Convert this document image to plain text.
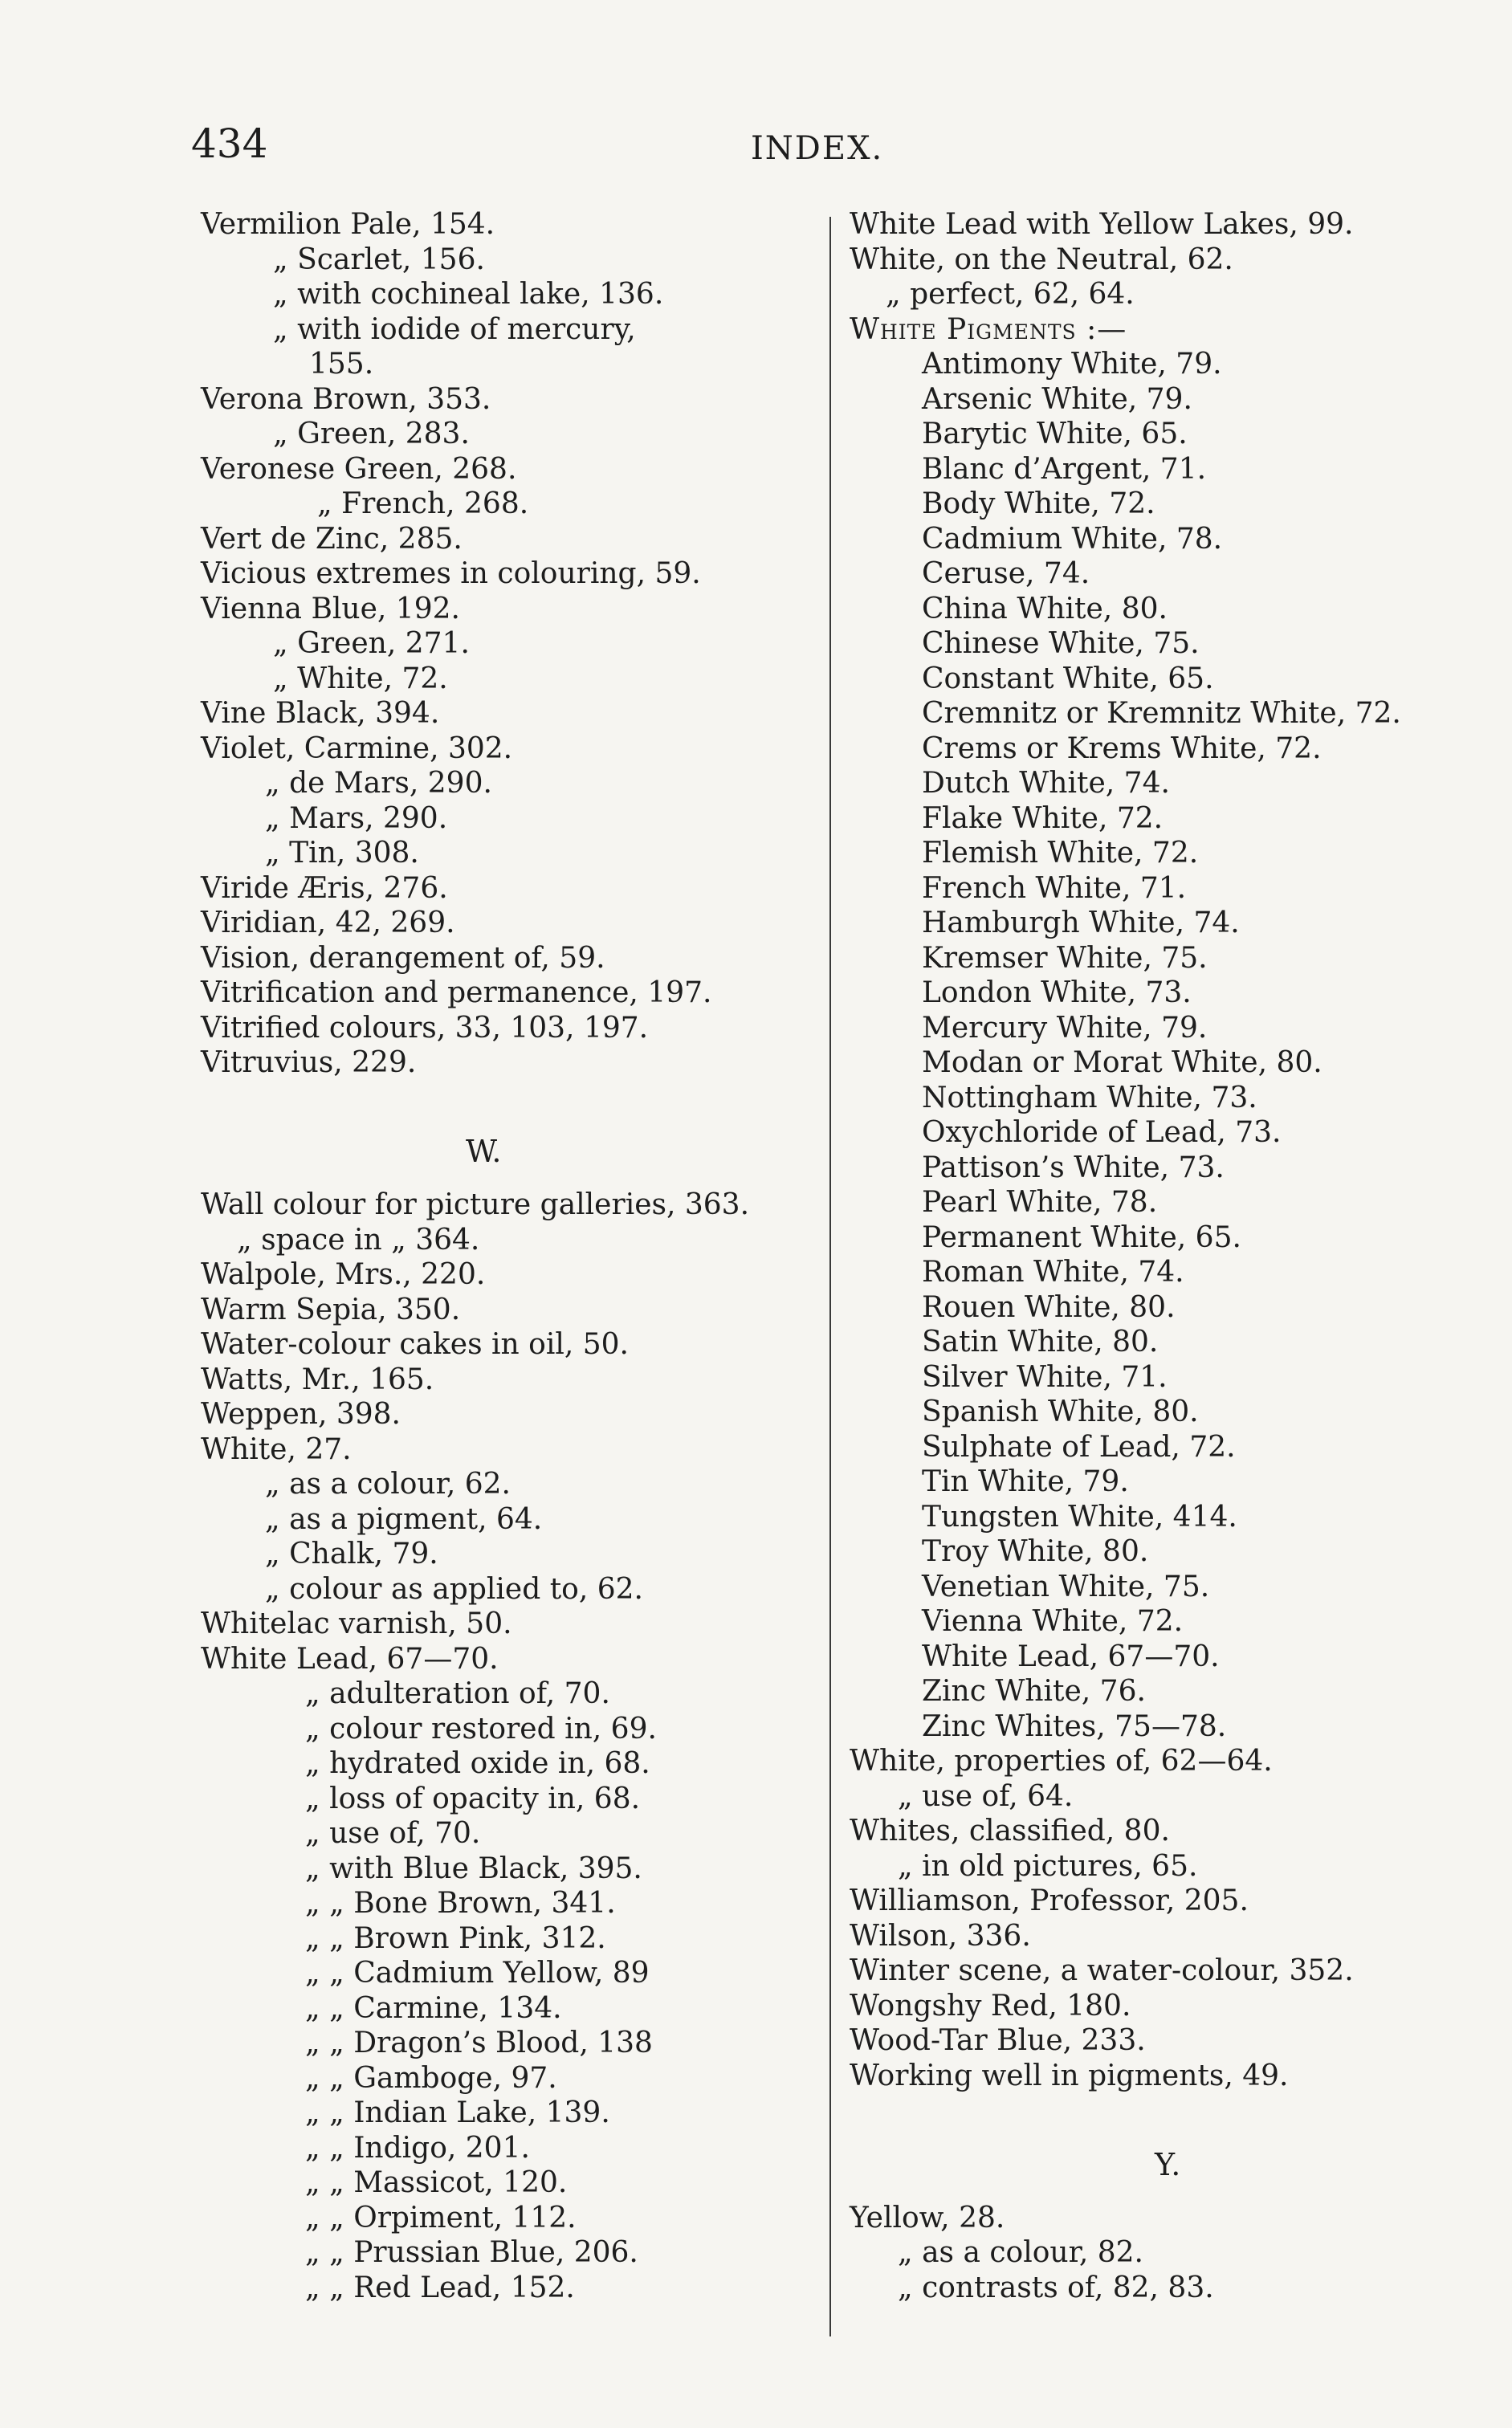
434	INDEX.
Vermilion Pale, 154.
„ Scarlet, 156.
„ with cochineal lake, 136.
„ with iodide of mercury,
155.
Verona Brown, 353.
„ Green, 283.
Veronese Green, 268.
„ French, 268.
Vert de Zinc, 285.
Vicious extremes in colouring, 59.
Vienna Blue, 192.
„ Green, 271.
„ White, 72.
Vine Black, 394.
Violet, Carmine, 302.
„ de Mars, 290.
„ Mars, 290.
„ Tin, 308.
Viride Æris, 276.
Viridian, 42, 269.
Vision, derangement of, 59.
Vitrification and permanence, 197.
Vitrified colours, 33, 103, 197.
Vitruvius, 229.
W.
Wall colour for picture galleries, 363.
„ space in „ 364.
Walpole, Mrs., 220.
Warm Sepia, 350.
Water-colour cakes in oil, 50.
Watts, Mr., 165.
Weppen, 398.
White, 27.
„ as a colour, 62.
„ as a pigment, 64.
„ Chalk, 79.
„ colour as applied to, 62.
Whitelac varnish, 50.
White Lead, 67—70.
„ adulteration of, 70.
„ colour restored in, 69.
„ hydrated oxide in, 68.
„ loss of opacity in, 68.
„ use of, 70.
„ with Blue Black, 395.
„ „ Bone Brown, 341.
„ „ Brown Pink, 312.
„ „ Cadmium Yellow, 89
„ „ Carmine, 134.
„ „ Dragon’s Blood, 138
„ „ Gamboge, 97.
„ „ Indian Lake, 139.
„ „ Indigo, 201.
„ „ Massicot, 120.
„ „ Orpiment, 112.
„ „ Prussian Blue, 206.
„ „ Red Lead, 152.
White Lead with Yellow Lakes, 99.
White, on the Neutral, 62.
„ perfect, 62, 64.
White Pigments :—
Antimony White, 79.
Arsenic White, 79.
Barytic White, 65.
Blanc d’Argent, 71.
Body White, 72.
Cadmium White, 78.
Ceruse, 74.
China White, 80.
Chinese White, 75.
Constant White, 65.
Cremnitz or Kremnitz White, 72.
Crems or Krems White, 72.
Dutch White, 74.
Flake White, 72.
Flemish White, 72.
French White, 71.
Hamburgh White, 74.
Kremser White, 75.
London White, 73.
Mercury White, 79.
Modan or Morat White, 80.
Nottingham White, 73.
Oxychloride of Lead, 73.
Pattison’s White, 73.
Pearl White, 78.
Permanent White, 65.
Roman White, 74.
Rouen White, 80.
Satin White, 80.
Silver White, 71.
Spanish White, 80.
Sulphate of Lead, 72.
Tin White, 79.
Tungsten White, 414.
Troy White, 80.
Venetian White, 75.
Vienna White, 72.
White Lead, 67—70.
Zinc White, 76.
Zinc Whites, 75—78.
White, properties of, 62—64.
„ use of, 64.
Whites, classified, 80.
„ in old pictures, 65.
Williamson, Professor, 205.
Wilson, 336.
Winter scene, a water-colour, 352.
Wongshy Red, 180.
Wood-Tar Blue, 233.
Working well in pigments, 49.
Y.
Yellow, 28.
„ as a colour, 82.
„ contrasts of, 82, 83.
